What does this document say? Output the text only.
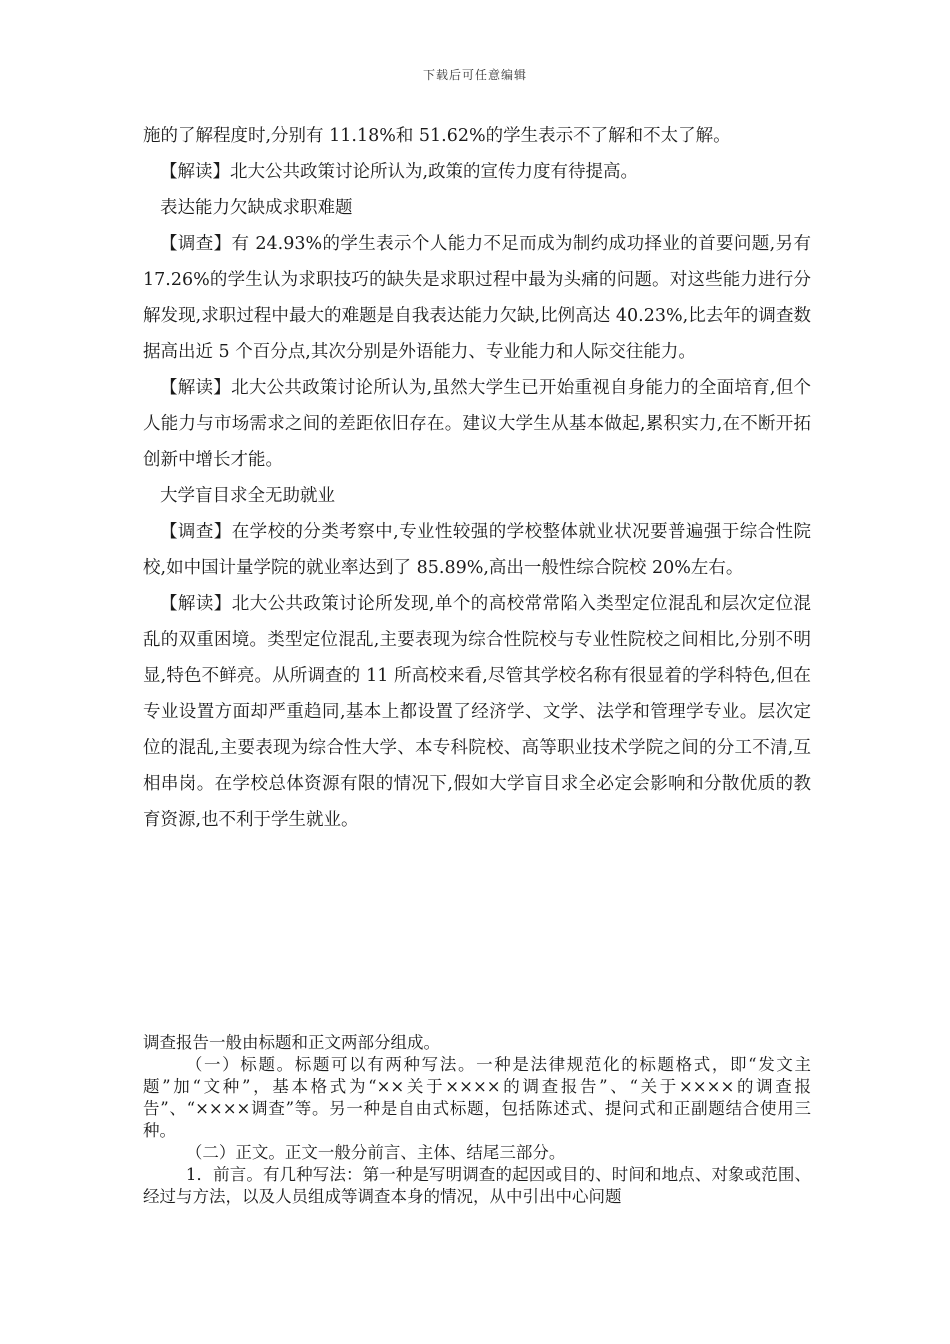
下载后可任意编辑

施的了解程度时,分别有 11.18%和 51.62%的学生表示不了解和不太了解。

【解读】北大公共政策讨论所认为,政策的宣传力度有待提高。

表达能力欠缺成求职难题

【调查】有 24.93%的学生表示个人能力不足而成为制约成功择业的首要问题,另有 17.26%的学生认为求职技巧的缺失是求职过程中最为头痛的问题。对这些能力进行分解发现,求职过程中最大的难题是自我表达能力欠缺,比例高达 40.23%,比去年的调查数据高出近 5 个百分点,其次分别是外语能力、专业能力和人际交往能力。

【解读】北大公共政策讨论所认为,虽然大学生已开始重视自身能力的全面培育,但个人能力与市场需求之间的差距依旧存在。建议大学生从基本做起,累积实力,在不断开拓创新中增长才能。

大学盲目求全无助就业

【调查】在学校的分类考察中,专业性较强的学校整体就业状况要普遍强于综合性院校,如中国计量学院的就业率达到了 85.89%,高出一般性综合院校 20%左右。

【解读】北大公共政策讨论所发现,单个的高校常常陷入类型定位混乱和层次定位混乱的双重困境。类型定位混乱,主要表现为综合性院校与专业性院校之间相比,分别不明显,特色不鲜亮。从所调查的 11 所高校来看,尽管其学校名称有很显着的学科特色,但在专业设置方面却严重趋同,基本上都设置了经济学、文学、法学和管理学专业。层次定位的混乱,主要表现为综合性大学、本专科院校、高等职业技术学院之间的分工不清,互相串岗。在学校总体资源有限的情况下,假如大学盲目求全必定会影响和分散优质的教育资源,也不利于学生就业。

调查报告一般由标题和正文两部分组成。

（一）标题。标题可以有两种写法。一种是法律规范化的标题格式，即“发文主题”加“文种”，基本格式为“××关于××××的调查报告”、“关于××××的调查报告”、“××××调查”等。另一种是自由式标题，包括陈述式、提问式和正副题结合使用三种。

（二）正文。正文一般分前言、主体、结尾三部分。

1．前言。有几种写法：第一种是写明调查的起因或目的、时间和地点、对象或范围、经过与方法，以及人员组成等调查本身的情况，从中引出中心问题
